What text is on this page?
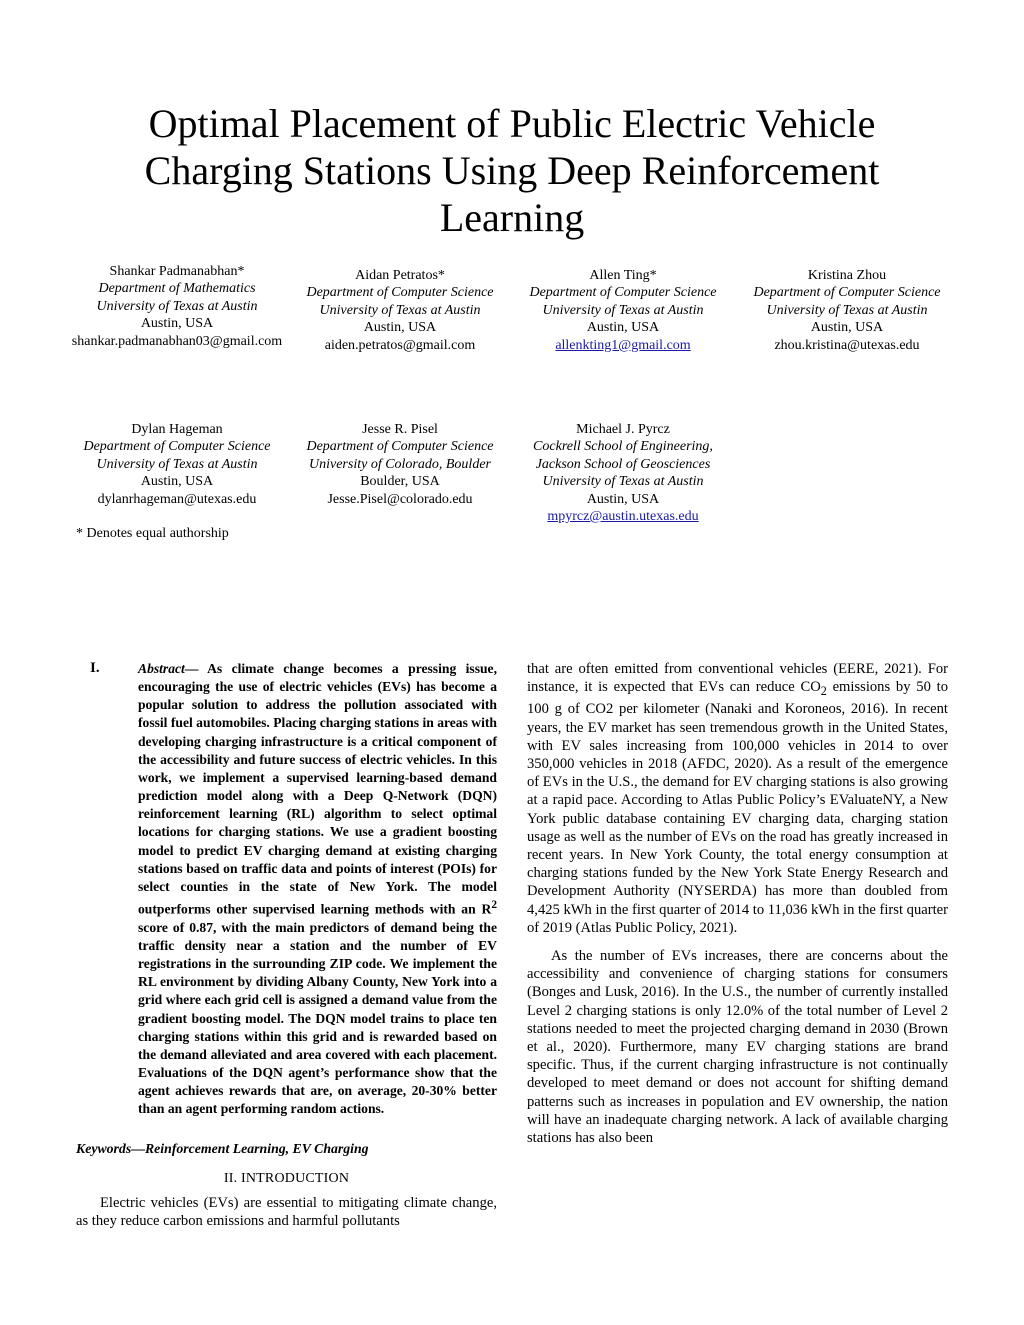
Optimal Placement of Public Electric Vehicle Charging Stations Using Deep Reinforcement Learning
Shankar Padmanabhan*
Department of Mathematics
University of Texas at Austin
Austin, USA
shankar.padmanabhan03@gmail.com
Aidan Petratos*
Department of Computer Science
University of Texas at Austin
Austin, USA
aiden.petratos@gmail.com
Allen Ting*
Department of Computer Science
University of Texas at Austin
Austin, USA
allenkting1@gmail.com
Kristina Zhou
Department of Computer Science
University of Texas at Austin
Austin, USA
zhou.kristina@utexas.edu
Dylan Hageman
Department of Computer Science
University of Texas at Austin
Austin, USA
dylanrhageman@utexas.edu
Jesse R. Pisel
Department of Computer Science
University of Colorado, Boulder
Boulder, USA
Jesse.Pisel@colorado.edu
Michael J. Pyrcz
Cockrell School of Engineering,
Jackson School of Geosciences
University of Texas at Austin
Austin, USA
mpyrcz@austin.utexas.edu
* Denotes equal authorship
I.	Abstract— As climate change becomes a pressing issue, encouraging the use of electric vehicles (EVs) has become a popular solution to address the pollution associated with fossil fuel automobiles. Placing charging stations in areas with developing charging infrastructure is a critical component of the accessibility and future success of electric vehicles. In this work, we implement a supervised learning-based demand prediction model along with a Deep Q-Network (DQN) reinforcement learning (RL) algorithm to select optimal locations for charging stations. We use a gradient boosting model to predict EV charging demand at existing charging stations based on traffic data and points of interest (POIs) for select counties in the state of New York. The model outperforms other supervised learning methods with an $R^2$ score of 0.87, with the main predictors of demand being the traffic density near a station and the number of EV registrations in the surrounding ZIP code. We implement the RL environment by dividing Albany County, New York into a grid where each grid cell is assigned a demand value from the gradient boosting model. The DQN model trains to place ten charging stations within this grid and is rewarded based on the demand alleviated and area covered with each placement. Evaluations of the DQN agent’s performance show that the agent achieves rewards that are, on average, 20-30% better than an agent performing random actions.

Keywords—Reinforcement Learning, EV Charging

II. INTRODUCTION

Electric vehicles (EVs) are essential to mitigating climate change, as they reduce carbon emissions and harmful pollutants

that are often emitted from conventional vehicles (EERE, 2021). For instance, it is expected that EVs can reduce $CO_2$ emissions by 50 to 100 g of CO2 per kilometer (Nanaki and Koroneos, 2016). In recent years, the EV market has seen tremendous growth in the United States, with EV sales increasing from 100,000 vehicles in 2014 to over 350,000 vehicles in 2018 (AFDC, 2020). As a result of the emergence of EVs in the U.S., the demand for EV charging stations is also growing at a rapid pace. According to Atlas Public Policy’s EValuateNY, a New York public database containing EV charging data, charging station usage as well as the number of EVs on the road has greatly increased in recent years. In New York County, the total energy consumption at charging stations funded by the New York State Energy Research and Development Authority (NYSERDA) has more than doubled from 4,425 kWh in the first quarter of 2014 to 11,036 kWh in the first quarter of 2019 (Atlas Public Policy, 2021).

As the number of EVs increases, there are concerns about the accessibility and convenience of charging stations for consumers (Bonges and Lusk, 2016). In the U.S., the number of currently installed Level 2 charging stations is only 12.0% of the total number of Level 2 stations needed to meet the projected charging demand in 2030 (Brown et al., 2020). Furthermore, many EV charging stations are brand specific. Thus, if the current charging infrastructure is not continually developed to meet demand or does not account for shifting demand patterns such as increases in population and EV ownership, the nation will have an inadequate charging network. A lack of available charging stations has also been
